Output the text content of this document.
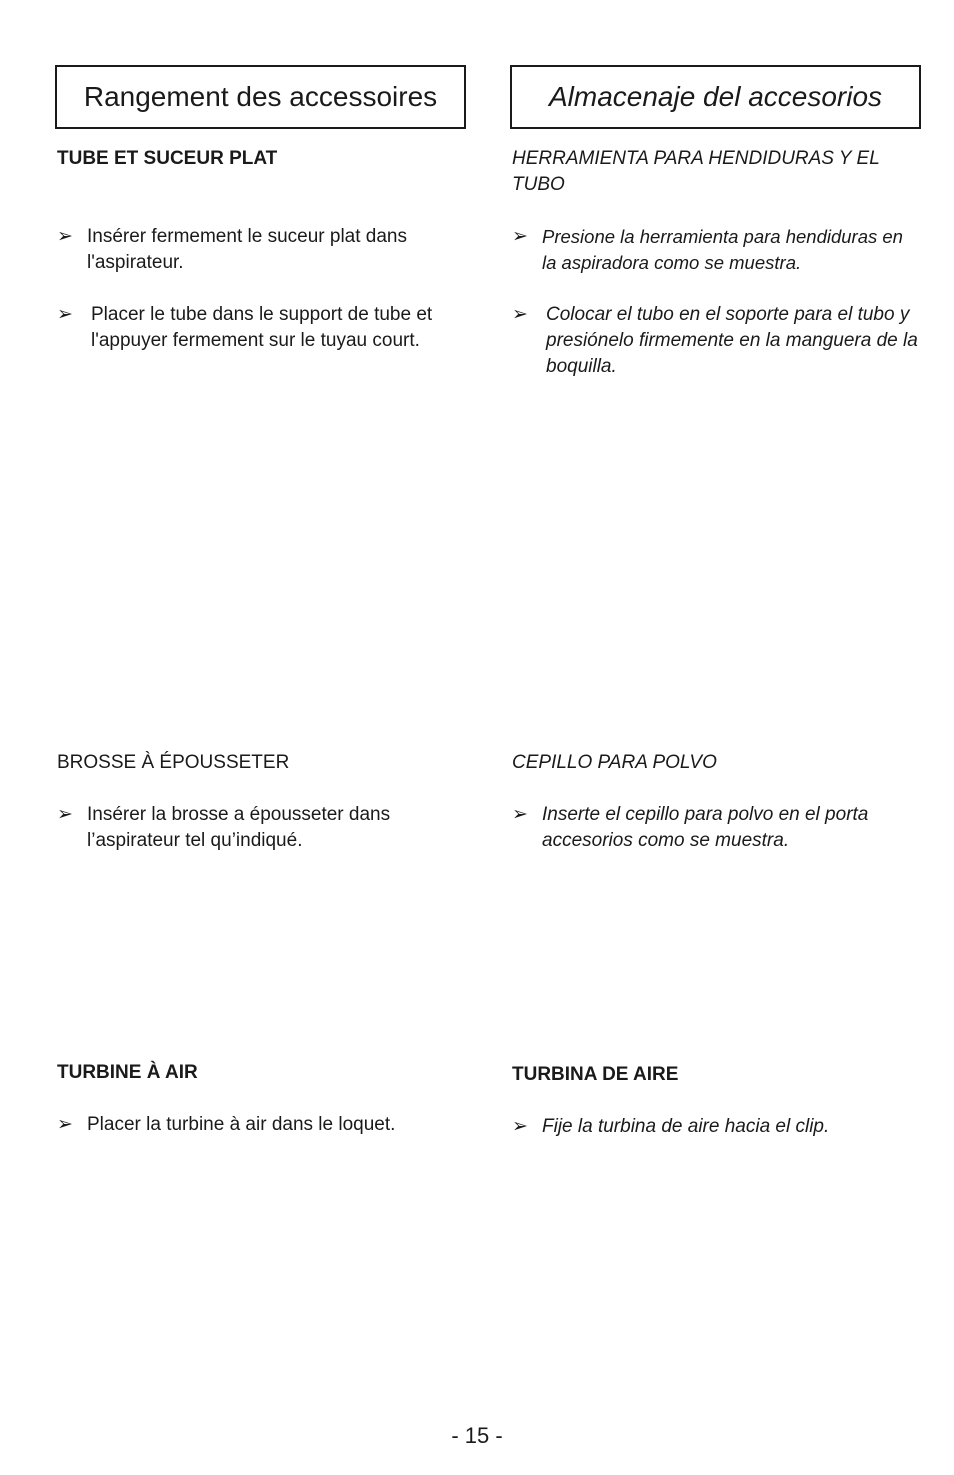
Rangement des accessoires	Almacenaje del accesorios
TUBE ET SUCEUR PLAT
➢ Insérer fermement le suceur plat dans l'aspirateur.
➢ Placer le tube dans le support de tube et l'appuyer fermement sur le tuyau court.
BROSSE À ÉPOUSSETER
➢ Insérer la brosse a épousseter dans l’aspirateur tel qu’indiqué.
TURBINE À AIR
➢ Placer la turbine à air dans le loquet.
HERRAMIENTA PARA HENDIDURAS Y EL TUBO
➢ Presione la herramienta para hendiduras en la aspiradora como se muestra.
➢ Colocar el tubo en el soporte para el tubo y presiónelo firmemente en la manguera de la boquilla.
CEPILLO PARA POLVO
➢ Inserte el cepillo para polvo en el porta accesorios como se muestra.
TURBINA DE AIRE
➢ Fije la turbina de aire hacia el clip.
- 15 -
